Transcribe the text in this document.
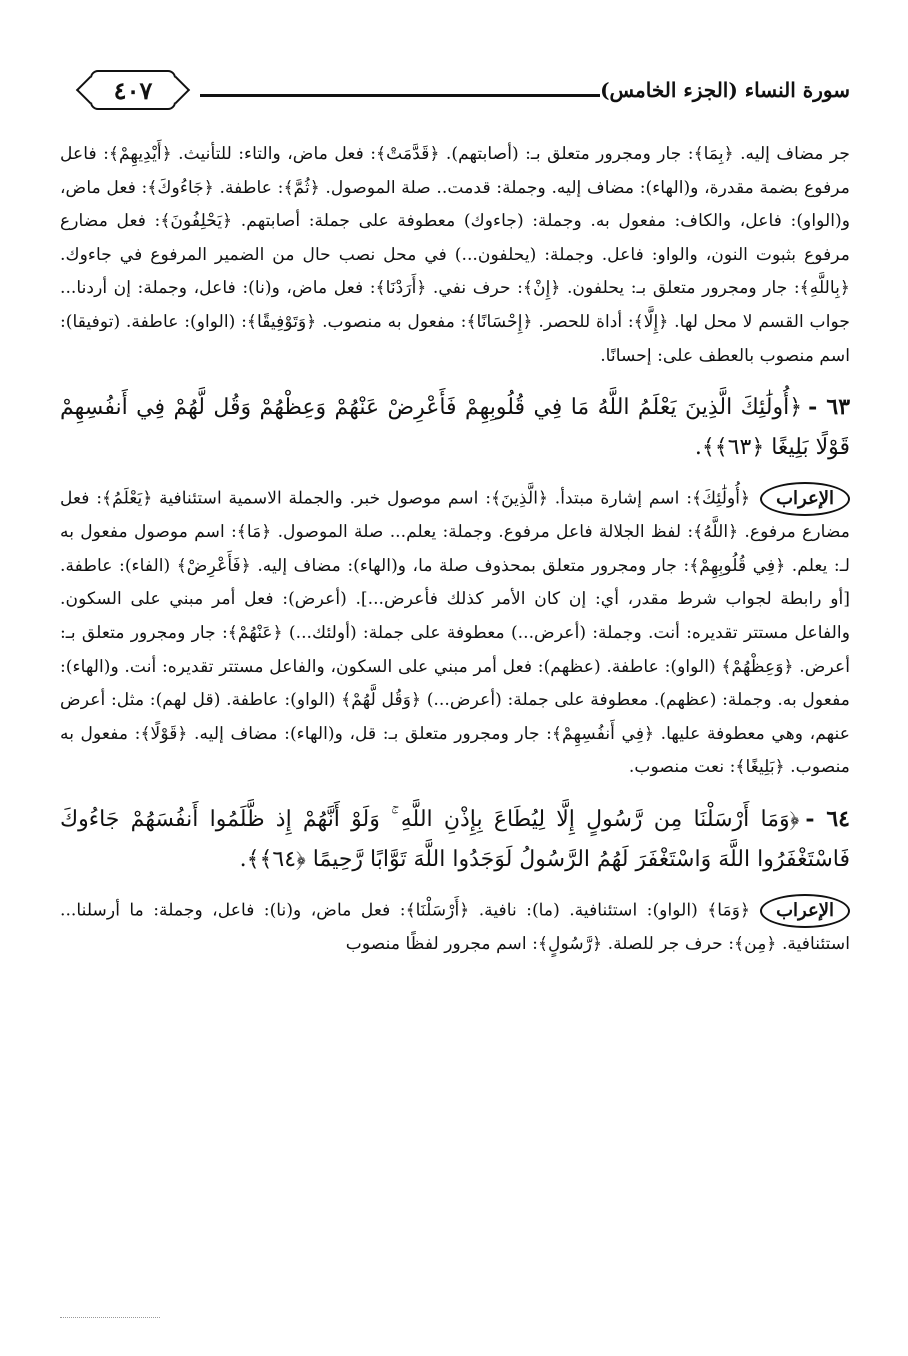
سورة النساء (الجزء الخامس)
٤٠٧

جر مضاف إليه. ﴿بِمَا﴾: جار ومجرور متعلق بـ: (أصابتهم). ﴿قَدَّمَتْ﴾: فعل ماض، والتاء: للتأنيث. ﴿أَيْدِيهِمْ﴾: فاعل مرفوع بضمة مقدرة، و(الهاء): مضاف إليه. وجملة: قدمت.. صلة الموصول. ﴿ثُمَّ﴾: عاطفة. ﴿جَاءُوكَ﴾: فعل ماض، و(الواو): فاعل، والكاف: مفعول به. وجملة: (جاءوك) معطوفة على جملة: أصابتهم. ﴿يَحْلِفُونَ﴾: فعل مضارع مرفوع بثبوت النون، والواو: فاعل. وجملة: (يحلفون...) في محل نصب حال من الضمير المرفوع في جاءوك. ﴿بِاللَّهِ﴾: جار ومجرور متعلق بـ: يحلفون. ﴿إِنْ﴾: حرف نفي. ﴿أَرَدْنَا﴾: فعل ماض، و(نا): فاعل، وجملة: إن أردنا... جواب القسم لا محل لها. ﴿إِلَّا﴾: أداة للحصر. ﴿إِحْسَانًا﴾: مفعول به منصوب. ﴿وَتَوْفِيقًا﴾: (الواو): عاطفة. (توفيقا): اسم منصوب بالعطف على: إحسانًا.

٦٣ -﴿أُولَٰئِكَ الَّذِينَ يَعْلَمُ اللَّهُ مَا فِي قُلُوبِهِمْ فَأَعْرِضْ عَنْهُمْ وَعِظْهُمْ وَقُل لَّهُمْ فِي أَنفُسِهِمْ قَوْلًا بَلِيغًا ﴿٦٣﴾﴾.

الإعراب﴿أُولَٰئِكَ﴾: اسم إشارة مبتدأ. ﴿الَّذِينَ﴾: اسم موصول خبر. والجملة الاسمية استئنافية ﴿يَعْلَمُ﴾: فعل مضارع مرفوع. ﴿اللَّهُ﴾: لفظ الجلالة فاعل مرفوع. وجملة: يعلم... صلة الموصول. ﴿مَا﴾: اسم موصول مفعول به لـ: يعلم. ﴿فِي قُلُوبِهِمْ﴾: جار ومجرور متعلق بمحذوف صلة ما، و(الهاء): مضاف إليه. ﴿فَأَعْرِضْ﴾ (الفاء): عاطفة. [أو رابطة لجواب شرط مقدر، أي: إن كان الأمر كذلك فأعرض...]. (أعرض): فعل أمر مبني على السكون. والفاعل مستتر تقديره: أنت. وجملة: (أعرض...) معطوفة على جملة: (أولئك...) ﴿عَنْهُمْ﴾: جار ومجرور متعلق بـ: أعرض. ﴿وَعِظْهُمْ﴾ (الواو): عاطفة. (عظهم): فعل أمر مبني على السكون، والفاعل مستتر تقديره: أنت. و(الهاء): مفعول به. وجملة: (عظهم). معطوفة على جملة: (أعرض...) ﴿وَقُل لَّهُمْ﴾ (الواو): عاطفة. (قل لهم): مثل: أعرض عنهم، وهي معطوفة عليها. ﴿فِي أَنفُسِهِمْ﴾: جار ومجرور متعلق بـ: قل، و(الهاء): مضاف إليه. ﴿قَوْلًا﴾: مفعول به منصوب. ﴿بَلِيغًا﴾: نعت منصوب.

٦٤ -﴿وَمَا أَرْسَلْنَا مِن رَّسُولٍ إِلَّا لِيُطَاعَ بِإِذْنِ اللَّهِ ۚ وَلَوْ أَنَّهُمْ إِذ ظَّلَمُوا أَنفُسَهُمْ جَاءُوكَ فَاسْتَغْفَرُوا اللَّهَ وَاسْتَغْفَرَ لَهُمُ الرَّسُولُ لَوَجَدُوا اللَّهَ تَوَّابًا رَّحِيمًا ﴿٦٤﴾﴾.

الإعراب﴿وَمَا﴾ (الواو): استئنافية. (ما): نافية. ﴿أَرْسَلْنَا﴾: فعل ماض، و(نا): فاعل، وجملة: ما أرسلنا... استئنافية. ﴿مِن﴾: حرف جر للصلة. ﴿رَّسُولٍ﴾: اسم مجرور لفظًا منصوب
